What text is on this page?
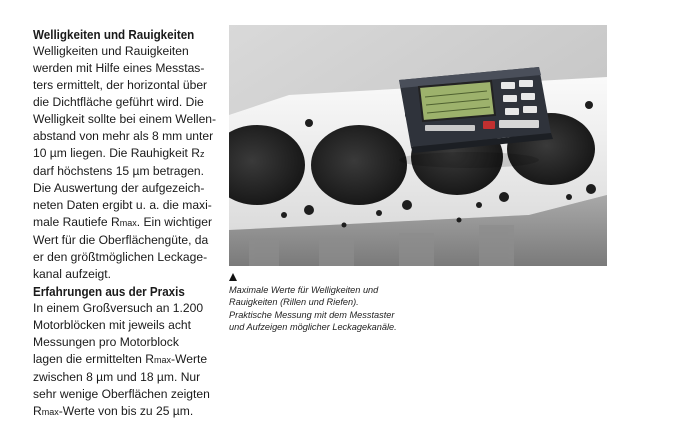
Welligkeiten und Rauigkeiten

Welligkeiten und Rauigkeiten
werden mit Hilfe eines Messtas-
ters ermittelt, der horizontal über
die Dichtfläche geführt wird. Die
Welligkeit sollte bei einem Wellen-
abstand von mehr als 8 mm unter
10 µm liegen. Die Rauhigkeit Rz
darf höchstens 15 µm betragen.
Die Auswertung der aufgezeich-
neten Daten ergibt u. a. die maxi-
male Rautiefe Rmax. Ein wichtiger
Wert für die Oberflächengüte, da
er den größtmöglichen Leckage-
kanal aufzeigt.

Erfahrungen aus der Praxis

In einem Großversuch an 1.200
Motorblöcken mit jeweils acht
Messungen pro Motorblock
lagen die ermittelten Rmax-Werte
zwischen 8 µm und 18 µm. Nur
sehr wenige Oberflächen zeigten
Rmax-Werte von bis zu 25 µm.

Maximale Werte für Welligkeiten und
Rauigkeiten (Rillen und Riefen).
Praktische Messung mit dem Messtaster
und Aufzeigen möglicher Leckagekanäle.
